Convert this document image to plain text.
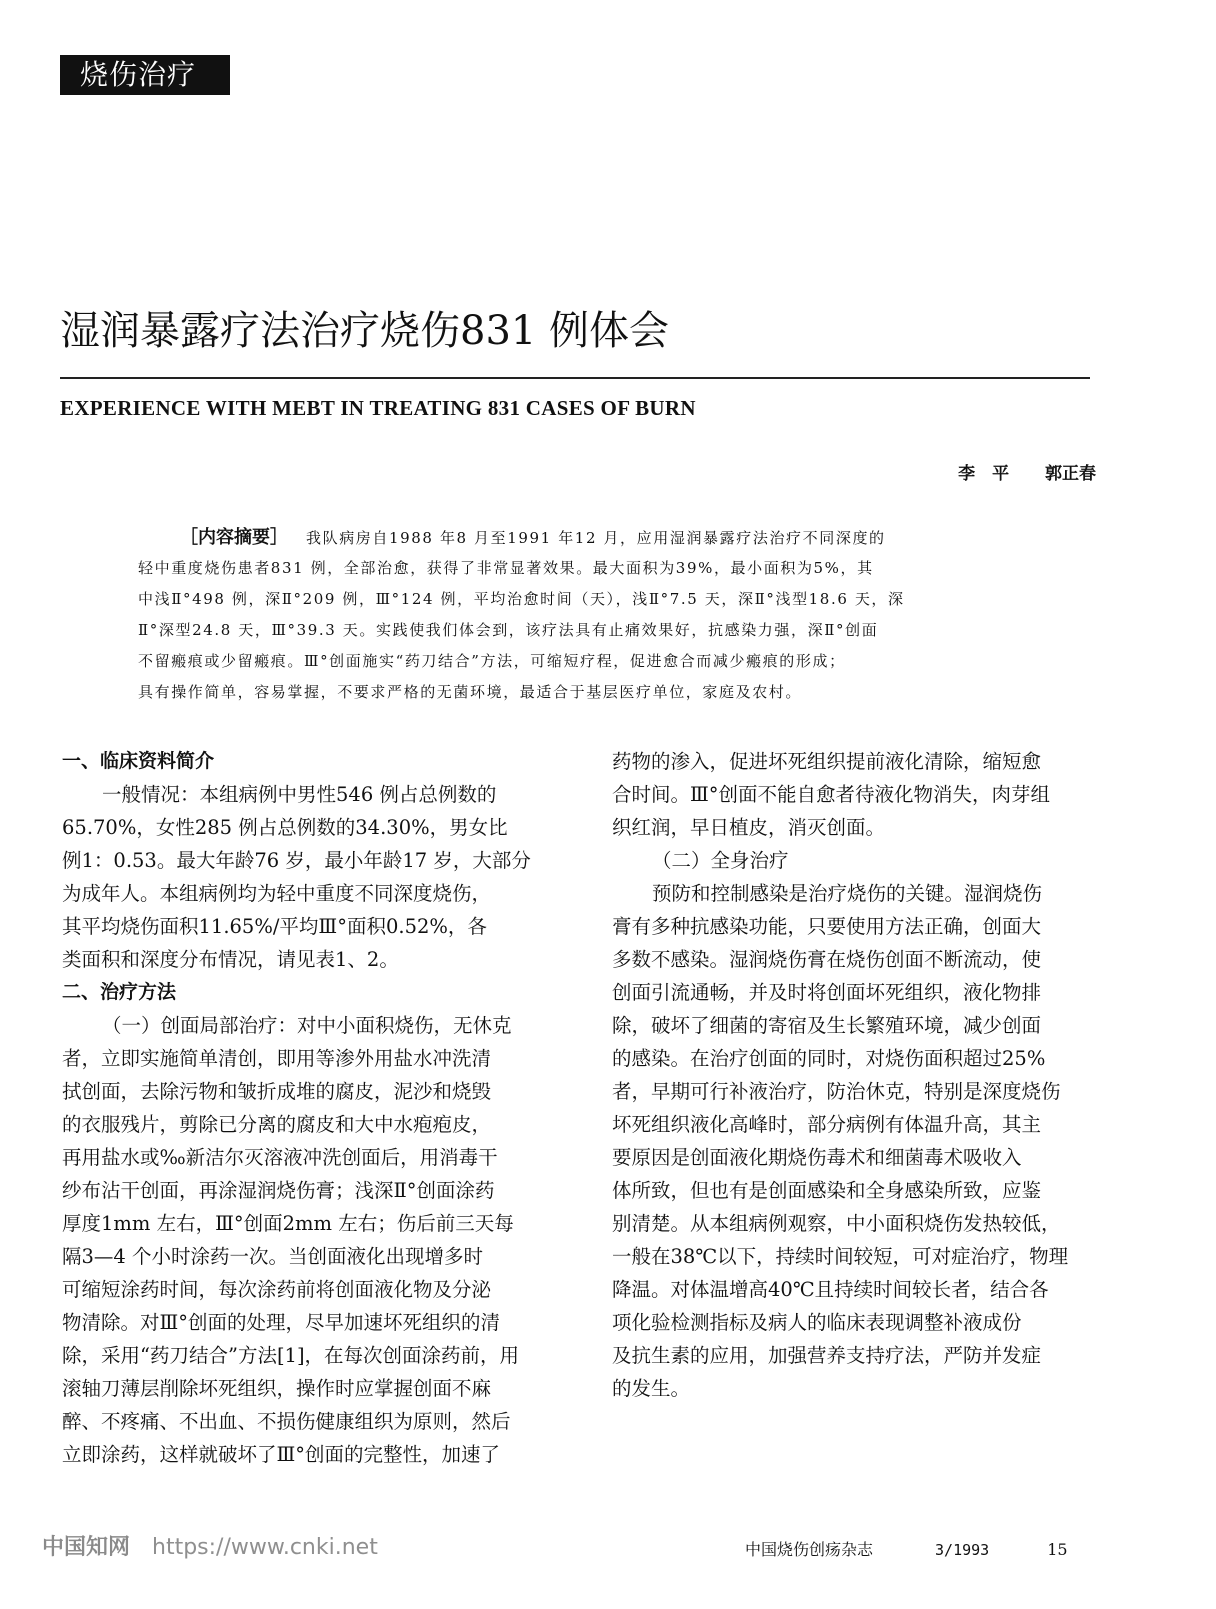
烧伤治疗
湿润暴露疗法治疗烧伤831 例体会
EXPERIENCE WITH MEBT IN TREATING 831 CASES OF BURN
李　平 郭正春
［内容摘要］ 我队病房自1988 年8 月至1991 年12 月，应用湿润暴露疗法治疗不同深度的
轻中重度烧伤患者831 例，全部治愈，获得了非常显著效果。最大面积为39%，最小面积为5%，其
中浅Ⅱ°498 例，深Ⅱ°209 例，Ⅲ°124 例，平均治愈时间（天），浅Ⅱ°7.5 天，深Ⅱ°浅型18.6 天，深
Ⅱ°深型24.8 天，Ⅲ°39.3 天。实践使我们体会到，该疗法具有止痛效果好，抗感染力强，深Ⅱ°创面
不留瘢痕或少留瘢痕。Ⅲ°创面施实“药刀结合”方法，可缩短疗程，促进愈合而减少瘢痕的形成；
具有操作简单，容易掌握，不要求严格的无菌环境，最适合于基层医疗单位，家庭及农村。
一、临床资料简介
一般情况：本组病例中男性546 例占总例数的
65.70%，女性285 例占总例数的34.30%，男女比
例1：0.53。最大年龄76 岁，最小年龄17 岁，大部分
为成年人。本组病例均为轻中重度不同深度烧伤，
其平均烧伤面积11.65%/平均Ⅲ°面积0.52%，各
类面积和深度分布情况，请见表1、2。
二、治疗方法
（一）创面局部治疗：对中小面积烧伤，无休克
者，立即实施简单清创，即用等渗外用盐水冲洗清
拭创面，去除污物和皱折成堆的腐皮，泥沙和烧毁
的衣服残片，剪除已分离的腐皮和大中水疱疱皮，
再用盐水或‰新洁尔灭溶液冲洗创面后，用消毒干
纱布沾干创面，再涂湿润烧伤膏；浅深Ⅱ°创面涂药
厚度1mm 左右，Ⅲ°创面2mm 左右；伤后前三天每
隔3—4 个小时涂药一次。当创面液化出现增多时
可缩短涂药时间，每次涂药前将创面液化物及分泌
物清除。对Ⅲ°创面的处理，尽早加速坏死组织的清
除，采用“药刀结合”方法[1]，在每次创面涂药前，用
滚轴刀薄层削除坏死组织，操作时应掌握创面不麻
醉、不疼痛、不出血、不损伤健康组织为原则，然后
立即涂药，这样就破坏了Ⅲ°创面的完整性，加速了
药物的渗入，促进坏死组织提前液化清除，缩短愈
合时间。Ⅲ°创面不能自愈者待液化物消失，肉芽组
织红润，早日植皮，消灭创面。
（二）全身治疗
预防和控制感染是治疗烧伤的关键。湿润烧伤
膏有多种抗感染功能，只要使用方法正确，创面大
多数不感染。湿润烧伤膏在烧伤创面不断流动，使
创面引流通畅，并及时将创面坏死组织，液化物排
除，破坏了细菌的寄宿及生长繁殖环境，减少创面
的感染。在治疗创面的同时，对烧伤面积超过25%
者，早期可行补液治疗，防治休克，特别是深度烧伤
坏死组织液化高峰时，部分病例有体温升高，其主
要原因是创面液化期烧伤毒术和细菌毒术吸收入
体所致，但也有是创面感染和全身感染所致，应鉴
别清楚。从本组病例观察，中小面积烧伤发热较低，
一般在38℃以下，持续时间较短，可对症治疗，物理
降温。对体温增高40℃且持续时间较长者，结合各
项化验检测指标及病人的临床表现调整补液成份
及抗生素的应用，加强营养支持疗法，严防并发症
的发生。
中国知网 https://www.cnki.net	中国烧伤创疡杂志	3/1993	15
